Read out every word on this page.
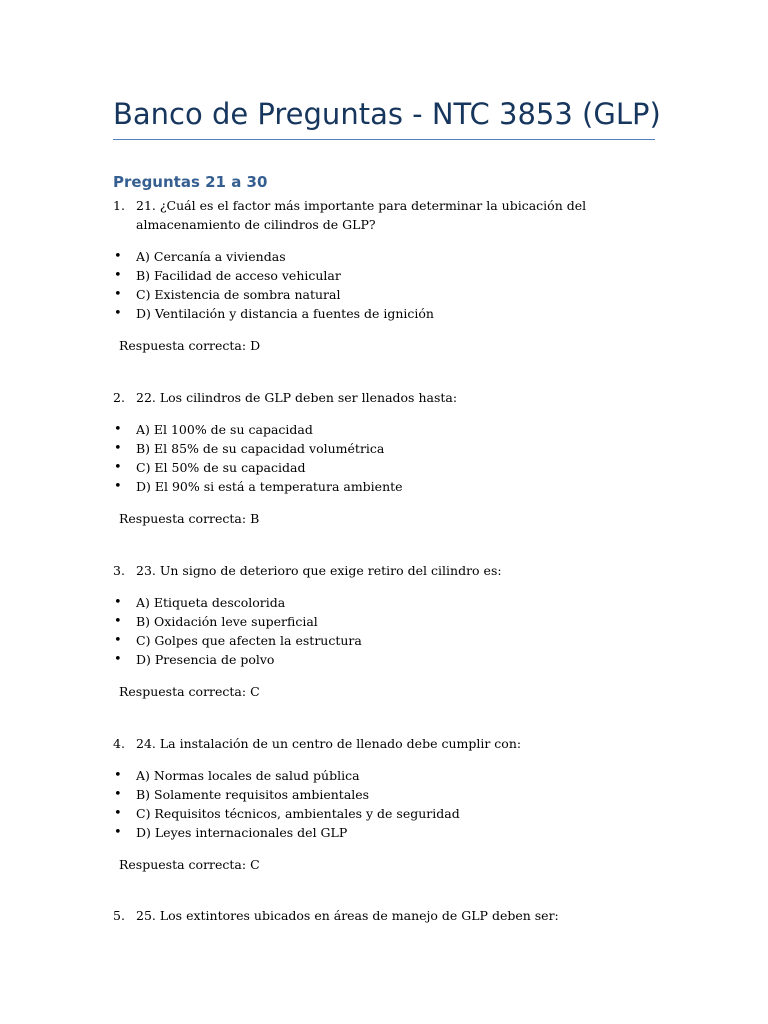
Banco de Preguntas - NTC 3853 (GLP)
Preguntas 21 a 30
1. 21. ¿Cuál es el factor más importante para determinar la ubicación del almacenamiento de cilindros de GLP?
• A) Cercanía a viviendas
• B) Facilidad de acceso vehicular
• C) Existencia de sombra natural
• D) Ventilación y distancia a fuentes de ignición
Respuesta correcta: D
2. 22. Los cilindros de GLP deben ser llenados hasta:
• A) El 100% de su capacidad
• B) El 85% de su capacidad volumétrica
• C) El 50% de su capacidad
• D) El 90% si está a temperatura ambiente
Respuesta correcta: B
3. 23. Un signo de deterioro que exige retiro del cilindro es:
• A) Etiqueta descolorida
• B) Oxidación leve superficial
• C) Golpes que afecten la estructura
• D) Presencia de polvo
Respuesta correcta: C
4. 24. La instalación de un centro de llenado debe cumplir con:
• A) Normas locales de salud pública
• B) Solamente requisitos ambientales
• C) Requisitos técnicos, ambientales y de seguridad
• D) Leyes internacionales del GLP
Respuesta correcta: C
5. 25. Los extintores ubicados en áreas de manejo de GLP deben ser:
